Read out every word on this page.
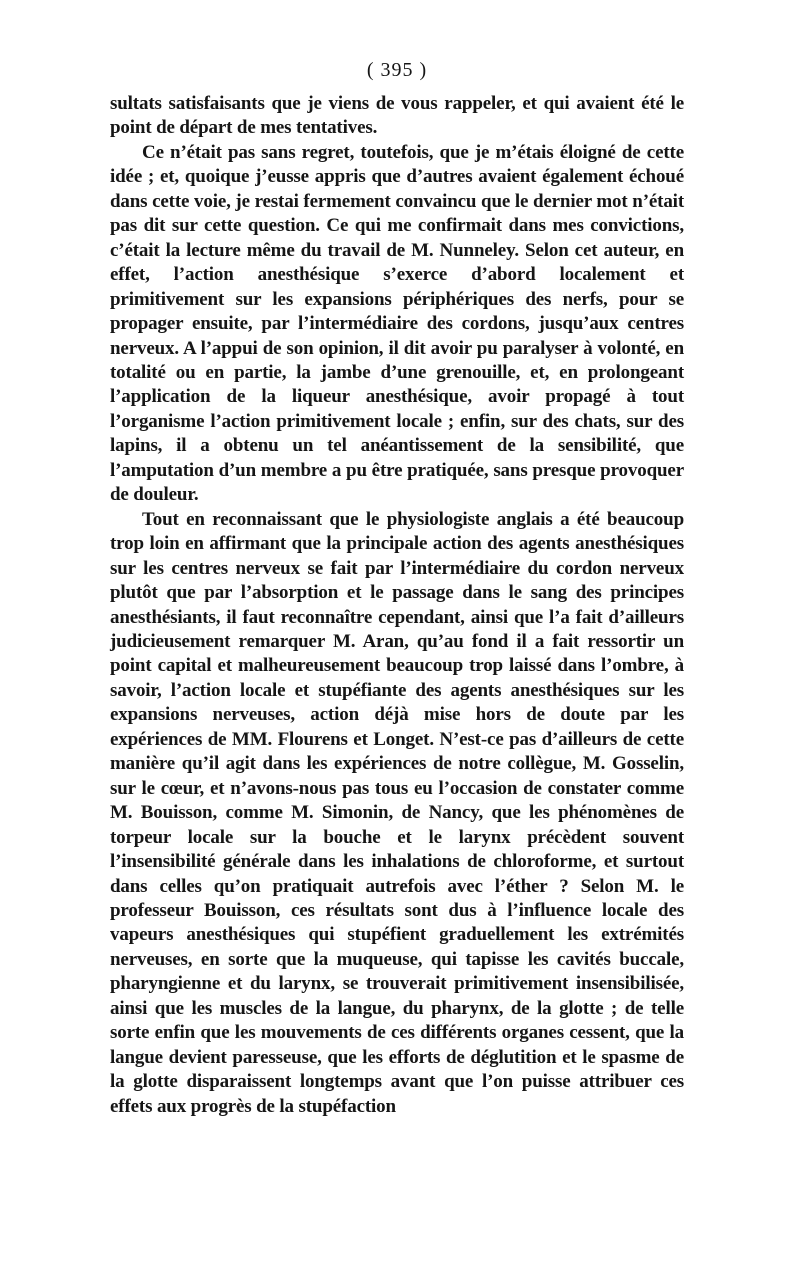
( 395 )

sultats satisfaisants que je viens de vous rappeler, et qui avaient été le point de départ de mes tentatives.

Ce n’était pas sans regret, toutefois, que je m’étais éloigné de cette idée ; et, quoique j’eusse appris que d’autres avaient également échoué dans cette voie, je restai fermement convaincu que le dernier mot n’était pas dit sur cette question. Ce qui me confirmait dans mes convictions, c’était la lecture même du travail de M. Nunneley. Selon cet auteur, en effet, l’action anesthésique s’exerce d’abord localement et primitivement sur les expansions périphériques des nerfs, pour se propager ensuite, par l’intermédiaire des cordons, jusqu’aux centres nerveux. A l’appui de son opinion, il dit avoir pu paralyser à volonté, en totalité ou en partie, la jambe d’une grenouille, et, en prolongeant l’application de la liqueur anesthésique, avoir propagé à tout l’organisme l’action primitivement locale ; enfin, sur des chats, sur des lapins, il a obtenu un tel anéantissement de la sensibilité, que l’amputation d’un membre a pu être pratiquée, sans presque provoquer de douleur.

Tout en reconnaissant que le physiologiste anglais a été beaucoup trop loin en affirmant que la principale action des agents anesthésiques sur les centres nerveux se fait par l’intermédiaire du cordon nerveux plutôt que par l’absorption et le passage dans le sang des principes anesthésiants, il faut reconnaître cependant, ainsi que l’a fait d’ailleurs judicieusement remarquer M. Aran, qu’au fond il a fait ressortir un point capital et malheureusement beaucoup trop laissé dans l’ombre, à savoir, l’action locale et stupéfiante des agents anesthésiques sur les expansions nerveuses, action déjà mise hors de doute par les expériences de MM. Flourens et Longet. N’est-ce pas d’ailleurs de cette manière qu’il agit dans les expériences de notre collègue, M. Gosselin, sur le cœur, et n’avons-nous pas tous eu l’occasion de constater comme M. Bouisson, comme M. Simonin, de Nancy, que les phénomènes de torpeur locale sur la bouche et le larynx précèdent souvent l’insensibilité générale dans les inhalations de chloroforme, et surtout dans celles qu’on pratiquait autrefois avec l’éther ? Selon M. le professeur Bouisson, ces résultats sont dus à l’influence locale des vapeurs anesthésiques qui stupéfient graduellement les extrémités nerveuses, en sorte que la muqueuse, qui tapisse les cavités buccale, pharyngienne et du larynx, se trouverait primitivement insensibilisée, ainsi que les muscles de la langue, du pharynx, de la glotte ; de telle sorte enfin que les mouvements de ces différents organes cessent, que la langue devient paresseuse, que les efforts de déglutition et le spasme de la glotte disparaissent longtemps avant que l’on puisse attribuer ces effets aux progrès de la stupéfaction
